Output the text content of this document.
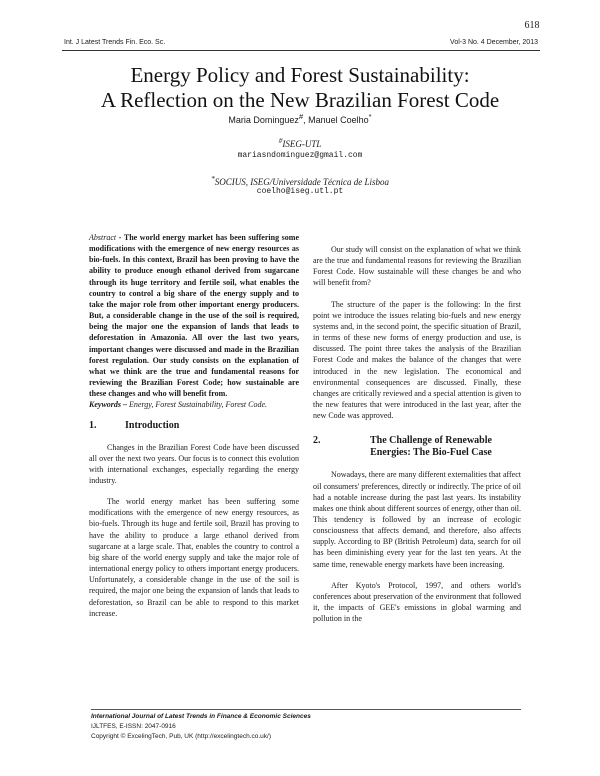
618
Int. J Latest Trends Fin. Eco. Sc.	Vol-3 No. 4 December, 2013
Energy Policy and Forest Sustainability:
A Reflection on the New Brazilian Forest Code
Maria Dominguez#, Manuel Coelho*
#ISEG-UTL
mariasndominguez@gmail.com
*SOCIUS, ISEG/Universidade Técnica de Lisboa
coelho@iseg.utl.pt

Abstract - The world energy market has been suffering some modifications with the emergence of new energy resources as bio-fuels. In this context, Brazil has been proving to have the ability to produce enough ethanol derived from sugarcane through its huge territory and fertile soil, what enables the country to control a big share of the energy supply and to take the major role from other important energy producers. But, a considerable change in the use of the soil is required, being the major one the expansion of lands that leads to deforestation in Amazonia. All over the last two years, important changes were discussed and made in the Brazilian forest regulation. Our study consists on the explanation of what we think are the true and fundamental reasons for reviewing the Brazilian Forest Code; how sustainable are these changes and who will benefit from.

Keywords – Energy, Forest Sustainability, Forest Code.

1.	Introduction

Changes in the Brazilian Forest Code have been discussed all over the next two years. Our focus is to connect this evolution with international exchanges, especially regarding the energy industry.

The world energy market has been suffering some modifications with the emergence of new energy resources, as bio-fuels. Through its huge and fertile soil, Brazil has proving to have the ability to produce a large ethanol derived from sugarcane at a large scale. That, enables the country to control a big share of the world energy supply and take the major role of international energy policy to others important energy producers. Unfortunately, a considerable change in the use of the soil is required, the major one being the expansion of lands that leads to deforestation, so Brazil can be able to respond to this market increase.

Our study will consist on the explanation of what we think are the true and fundamental reasons for reviewing the Brazilian Forest Code. How sustainable will these changes be and who will benefit from?

The structure of the paper is the following: In the first point we introduce the issues relating bio-fuels and new energy systems and, in the second point, the specific situation of Brazil, in terms of these new forms of energy production and use, is discussed. The point three takes the analysis of the Brazilian Forest Code and makes the balance of the changes that were introduced in the new legislation. The economical and environmental consequences are discussed. Finally, these changes are critically reviewed and a special attention is given to the new features that were introduced in the last year, after the new Code was approved.

2.	The Challenge of Renewable
Energies: The Bio-Fuel Case

Nowadays, there are many different externalities that affect oil consumers' preferences, directly or indirectly. The price of oil had a notable increase during the past last years. Its instability makes one think about different sources of energy, other than oil. This tendency is followed by an increase of ecologic consciousness that affects demand, and therefore, also affects supply. According to BP (British Petroleum) data, search for oil has been diminishing every year for the last ten years. At the same time, renewable energy markets have been increasing.

After Kyoto's Protocol, 1997, and others world's conferences about preservation of the environment that followed it, the impacts of GEE's emissions in global warming and pollution in the

International Journal of Latest Trends in Finance & Economic Sciences
IJLTFES, E-ISSN: 2047-0916
Copyright © ExcelingTech, Pub, UK (http://excelingtech.co.uk/)
